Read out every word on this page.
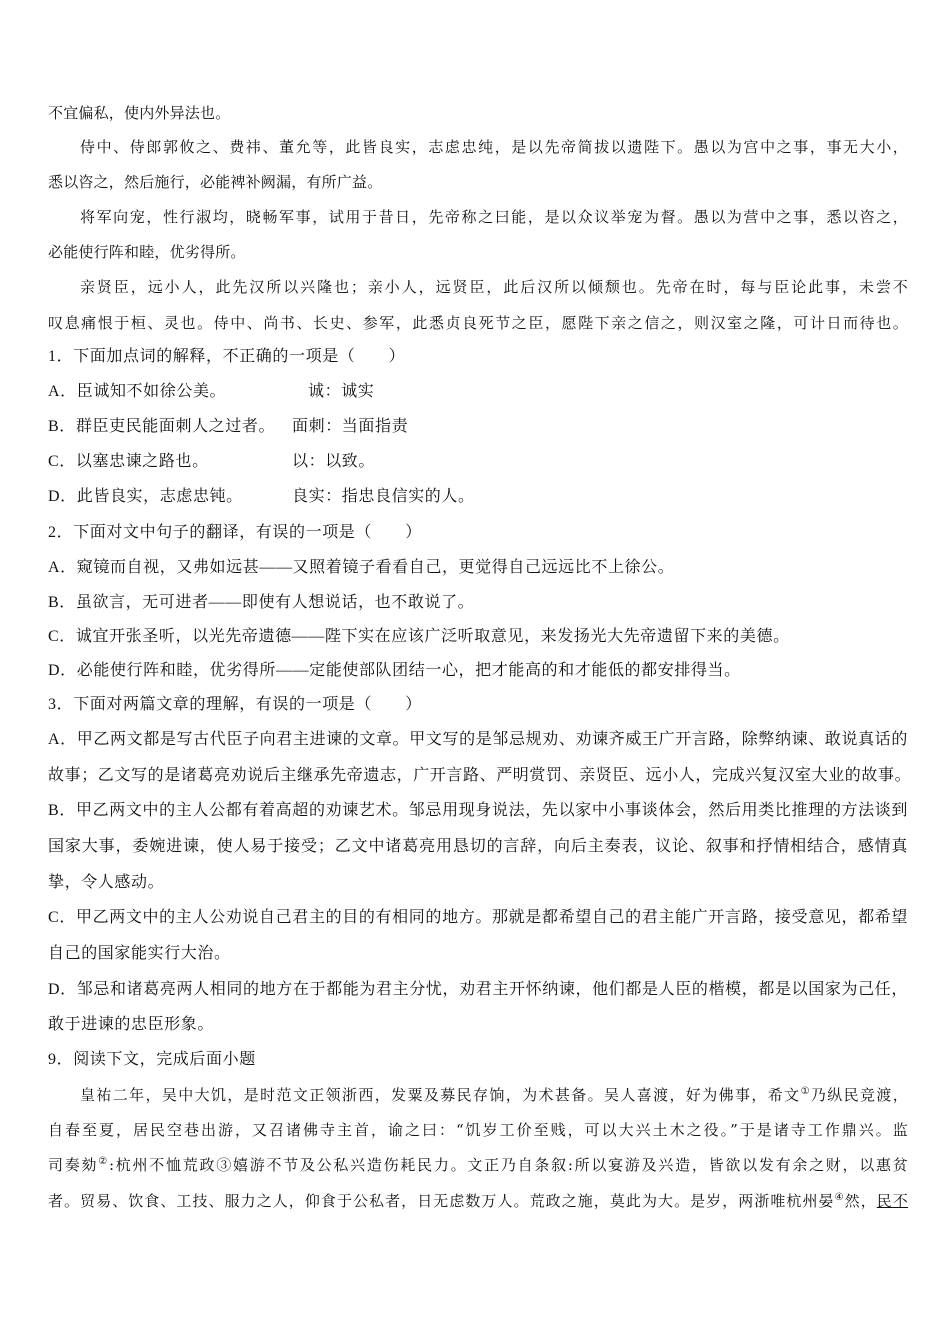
不宜偏私，使内外异法也。
侍中、侍郎郭攸之、费祎、董允等，此皆良实，志虑忠纯，是以先帝简拔以遗陛下。愚以为宫中之事，事无大小，
悉以咨之，然后施行，必能裨补阙漏，有所广益。
将军向宠，性行淑均，晓畅军事，试用于昔日，先帝称之曰能，是以众议举宠为督。愚以为营中之事，悉以咨之，
必能使行阵和睦，优劣得所。
亲贤臣，远小人，此先汉所以兴隆也；亲小人，远贤臣，此后汉所以倾颓也。先帝在时，每与臣论此事，未尝不
叹息痛恨于桓、灵也。侍中、尚书、长史、参军，此悉贞良死节之臣，愿陛下亲之信之，则汉室之隆，可计日而待也。
1．下面加点词的解释，不正确的一项是（　　）
A．臣诚知不如徐公美。	诚：诚实
B．群臣吏民能面刺人之过者。 面刺：当面指责
C．以塞忠谏之路也。	以：以致。
D．此皆良实，志虑忠钝。	良实：指忠良信实的人。
2．下面对文中句子的翻译，有误的一项是（　　）
A．窥镜而自视，又弗如远甚——又照着镜子看看自己，更觉得自己远远比不上徐公。
B．虽欲言，无可进者——即使有人想说话，也不敢说了。
C．诚宜开张圣听，以光先帝遗德——陛下实在应该广泛听取意见，来发扬光大先帝遗留下来的美德。
D．必能使行阵和睦，优劣得所——定能使部队团结一心，把才能高的和才能低的都安排得当。
3．下面对两篇文章的理解，有误的一项是（　　）
A．甲乙两文都是写古代臣子向君主进谏的文章。甲文写的是邹忌规劝、劝谏齐威王广开言路，除弊纳谏、敢说真话的
故事；乙文写的是诸葛亮劝说后主继承先帝遗志，广开言路、严明赏罚、亲贤臣、远小人，完成兴复汉室大业的故事。
B．甲乙两文中的主人公都有着高超的劝谏艺术。邹忌用现身说法，先以家中小事谈体会，然后用类比推理的方法谈到
国家大事，委婉进谏，使人易于接受；乙文中诸葛亮用恳切的言辞，向后主奏表，议论、叙事和抒情相结合，感情真
挚，令人感动。
C．甲乙两文中的主人公劝说自己君主的目的有相同的地方。那就是都希望自己的君主能广开言路，接受意见，都希望
自己的国家能实行大治。
D．邹忌和诸葛亮两人相同的地方在于都能为君主分忧，劝君主开怀纳谏，他们都是人臣的楷模，都是以国家为己任，
敢于进谏的忠臣形象。
9．阅读下文，完成后面小题
皇祐二年，吴中大饥，是时范文正领浙西，发粟及募民存饷，为术甚备。吴人喜渡，好为佛事，希文①乃纵民竞渡，
自春至夏，居民空巷出游，又召诸佛寺主首，谕之曰：“饥岁工价至贱，可以大兴土木之役。”于是诸寺工作鼎兴。监
司奏劾②:杭州不恤荒政③嬉游不节及公私兴造伤耗民力。文正乃自条叙:所以宴游及兴造，皆欲以发有余之财，以惠贫
者。贸易、饮食、工技、服力之人，仰食于公私者，日无虑数万人。荒政之施，莫此为大。是岁，两浙唯杭州晏④然，民不
